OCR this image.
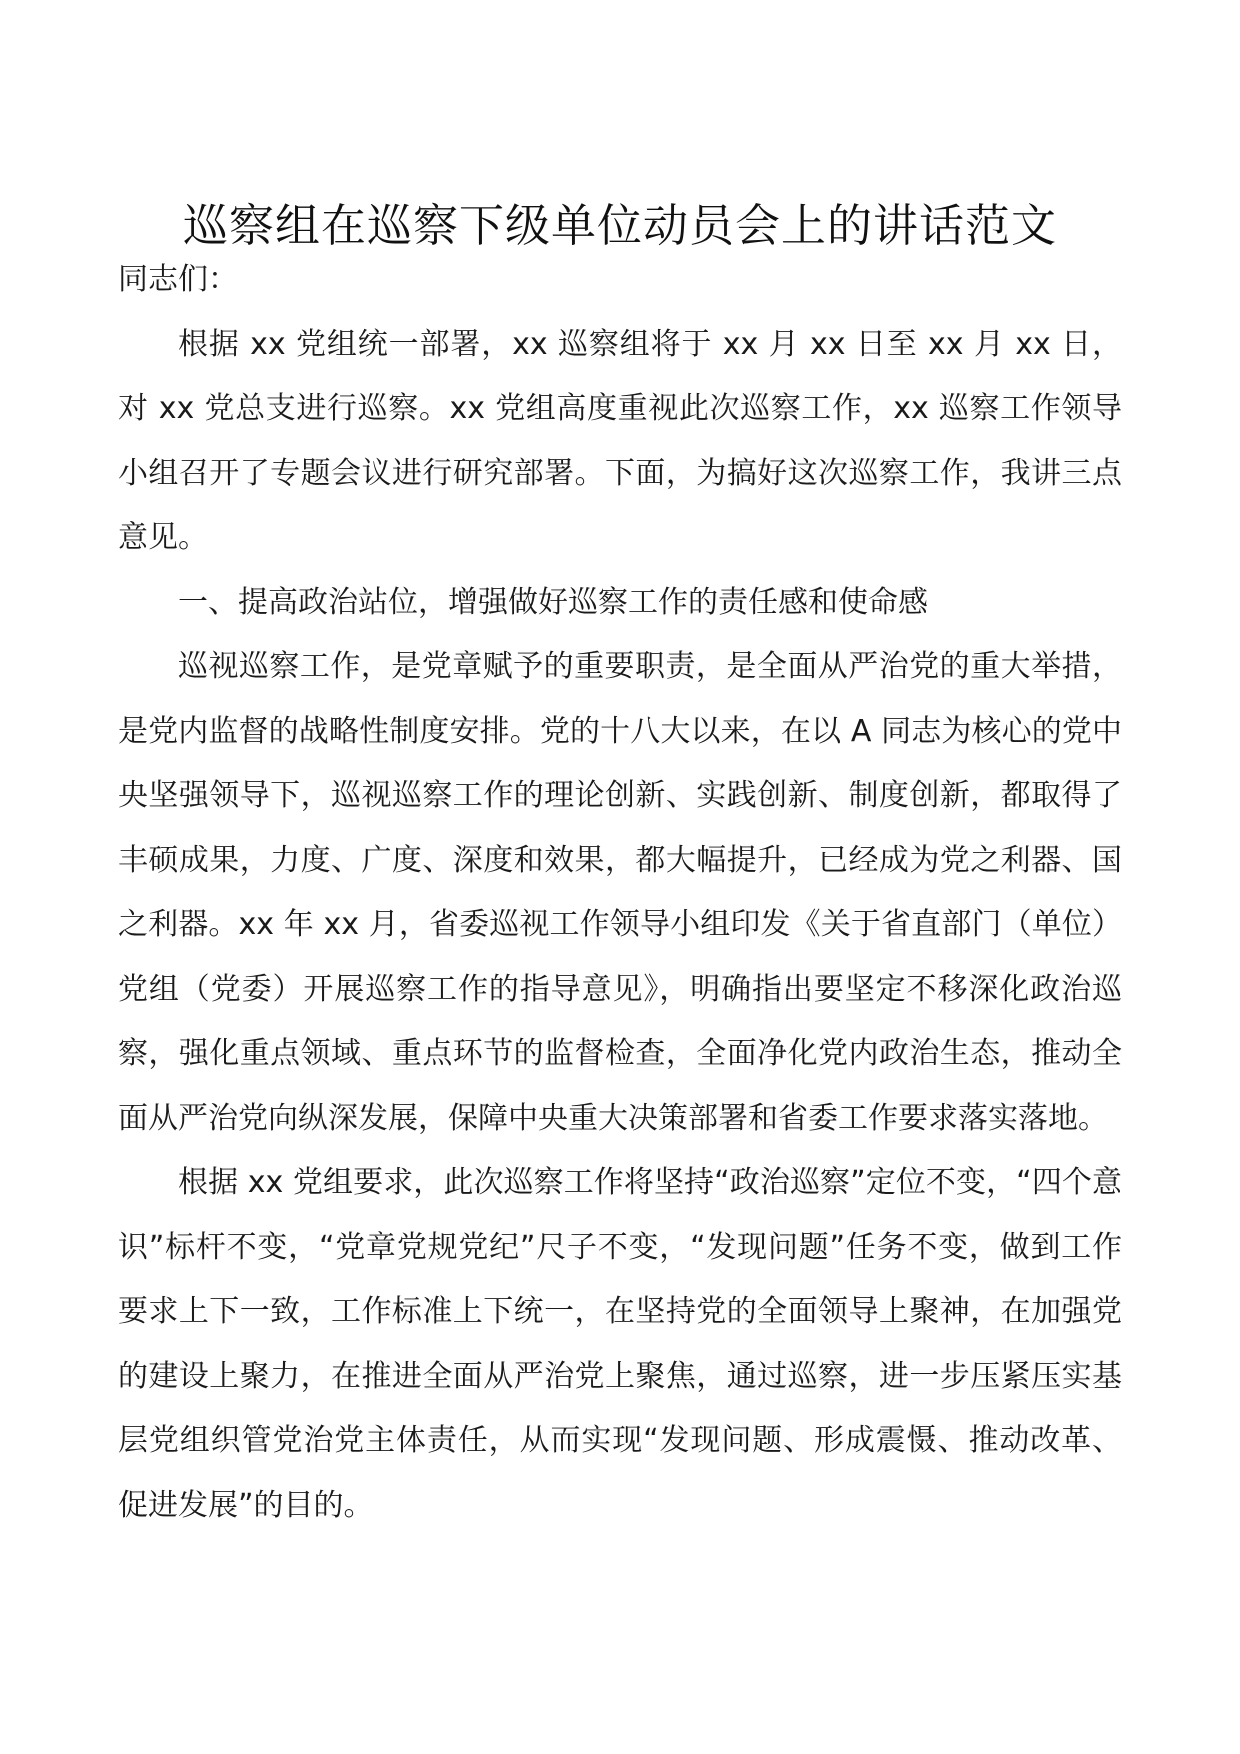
巡察组在巡察下级单位动员会上的讲话范文

同志们：

根据 xx 党组统一部署，xx 巡察组将于 xx 月 xx 日至 xx 月 xx 日，对 xx 党总支进行巡察。xx 党组高度重视此次巡察工作，xx 巡察工作领导小组召开了专题会议进行研究部署。下面，为搞好这次巡察工作，我讲三点意见。

一、提高政治站位，增强做好巡察工作的责任感和使命感

巡视巡察工作，是党章赋予的重要职责，是全面从严治党的重大举措，是党内监督的战略性制度安排。党的十八大以来，在以 A 同志为核心的党中央坚强领导下，巡视巡察工作的理论创新、实践创新、制度创新，都取得了丰硕成果，力度、广度、深度和效果，都大幅提升，已经成为党之利器、国之利器。xx 年 xx 月，省委巡视工作领导小组印发《关于省直部门（单位）党组（党委）开展巡察工作的指导意见》，明确指出要坚定不移深化政治巡察，强化重点领域、重点环节的监督检查，全面净化党内政治生态，推动全面从严治党向纵深发展，保障中央重大决策部署和省委工作要求落实落地。

根据 xx 党组要求，此次巡察工作将坚持“政治巡察”定位不变，“四个意识”标杆不变，“党章党规党纪”尺子不变，“发现问题”任务不变，做到工作要求上下一致，工作标准上下统一，在坚持党的全面领导上聚神，在加强党的建设上聚力，在推进全面从严治党上聚焦，通过巡察，进一步压紧压实基层党组织管党治党主体责任，从而实现“发现问题、形成震慑、推动改革、促进发展”的目的。
